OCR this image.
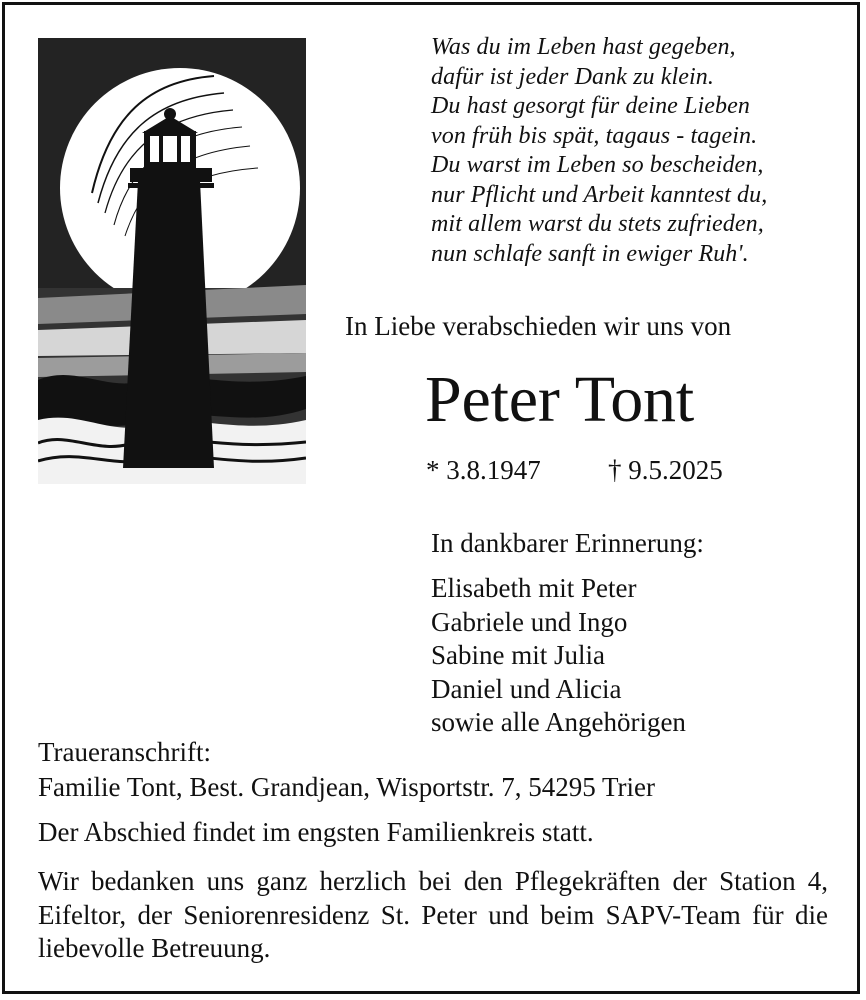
Was du im Leben hast gegeben,
dafür ist jeder Dank zu klein.
Du hast gesorgt für deine Lieben
von früh bis spät, tagaus - tagein.
Du warst im Leben so bescheiden,
nur Pflicht und Arbeit kanntest du,
mit allem warst du stets zufrieden,
nun schlafe sanft in ewiger Ruh'.
In Liebe verabschieden wir uns von
Peter Tont
* 3.8.1947 † 9.5.2025
In dankbarer Erinnerung:
Elisabeth mit Peter
Gabriele und Ingo
Sabine mit Julia
Daniel und Alicia
sowie alle Angehörigen
Traueranschrift:
Familie Tont, Best. Grandjean, Wisportstr. 7, 54295 Trier
Der Abschied findet im engsten Familienkreis statt.
Wir bedanken uns ganz herzlich bei den Pflegekräften der Station 4, Eifeltor, der Seniorenresidenz St. Peter und beim SAPV-Team für die liebevolle Betreuung.
